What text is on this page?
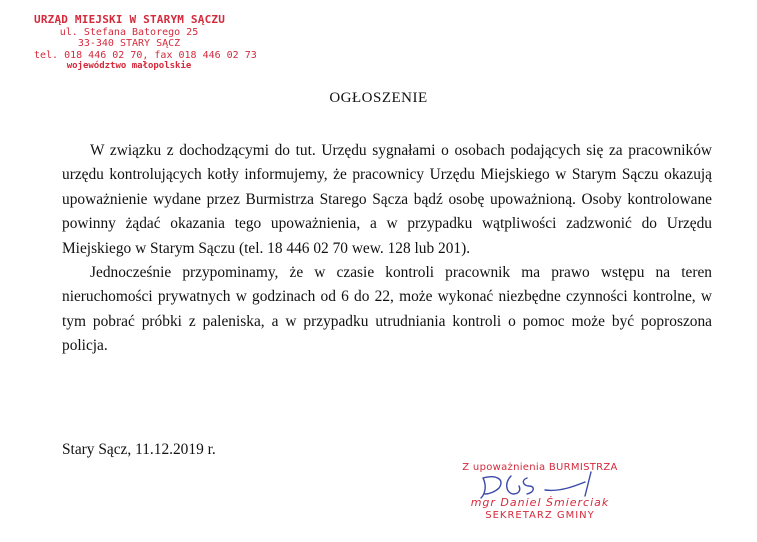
URZĄD MIEJSKI W STARYM SĄCZU
ul. Stefana Batorego 25
33-340 STARY SĄCZ
tel. 018 446 02 70, fax 018 446 02 73
województwo małopolskie
OGŁOSZENIE

W związku z dochodzącymi do tut. Urzędu sygnałami o osobach podających się za pracowników urzędu kontrolujących kotły informujemy, że pracownicy Urzędu Miejskiego w Starym Sączu okazują upoważnienie wydane przez Burmistrza Starego Sącza bądź osobę upoważnioną. Osoby kontrolowane powinny żądać okazania tego upoważnienia, a w przypadku wątpliwości zadzwonić do Urzędu Miejskiego w Starym Sączu (tel. 18 446 02 70 wew. 128 lub 201).

Jednocześnie przypominamy, że w czasie kontroli pracownik ma prawo wstępu na teren nieruchomości prywatnych w godzinach od 6 do 22, może wykonać niezbędne czynności kontrolne, w tym pobrać próbki z paleniska, a w przypadku utrudniania kontroli o pomoc może być poproszona policja.

Stary Sącz, 11.12.2019 r.
Z upoważnienia BURMISTRZA
mgr Daniel Śmierciak
SEKRETARZ GMINY
